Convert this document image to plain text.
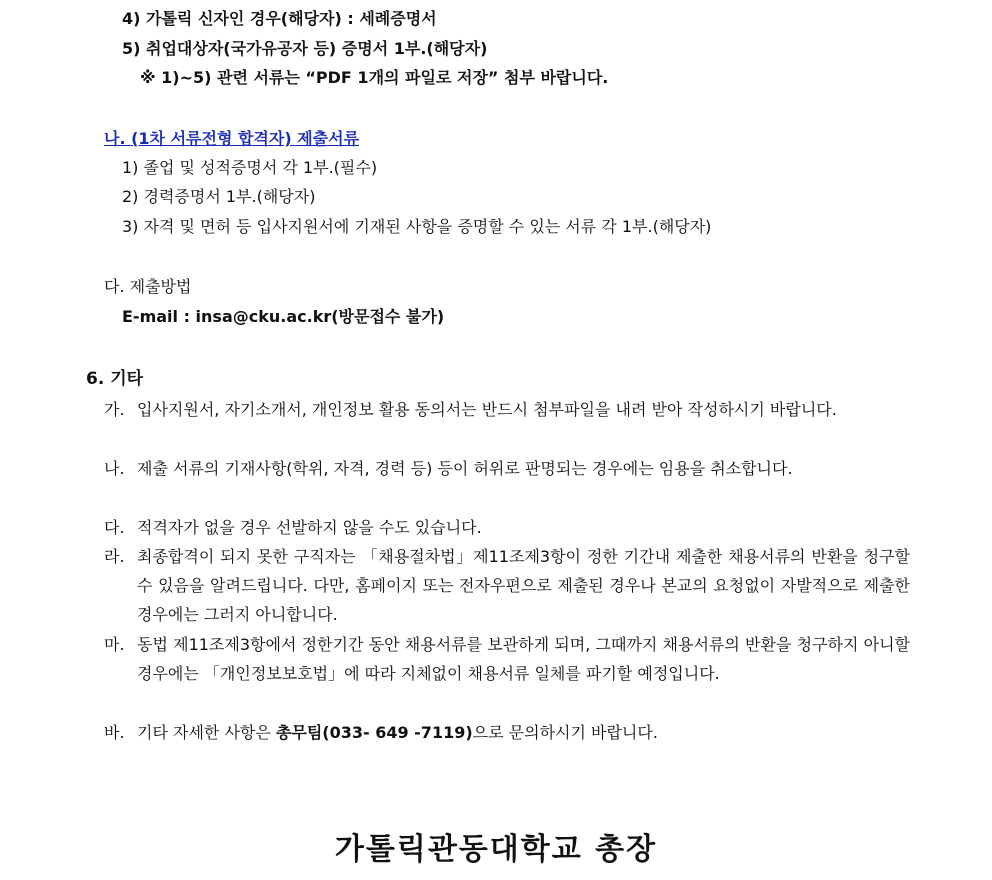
4) 가톨릭 신자인 경우(해당자) : 세례증명서
5) 취업대상자(국가유공자 등) 증명서 1부.(해당자)
※ 1)~5) 관련 서류는 “PDF 1개의 파일로 저장” 첨부 바랍니다.
나. (1차 서류전형 합격자) 제출서류
1) 졸업 및 성적증명서 각 1부.(필수)
2) 경력증명서 1부.(해당자)
3) 자격 및 면허 등 입사지원서에 기재된 사항을 증명할 수 있는 서류 각 1부.(해당자)
다. 제출방법
E-mail : insa@cku.ac.kr(방문접수 불가)
6. 기타
가. 입사지원서, 자기소개서, 개인정보 활용 동의서는 반드시 첨부파일을 내려 받아 작성하시기 바랍니다.
나. 제출 서류의 기재사항(학위, 자격, 경력 등) 등이 허위로 판명되는 경우에는 임용을 취소합니다.
다. 적격자가 없을 경우 선발하지 않을 수도 있습니다.
라. 최종합격이 되지 못한 구직자는 「채용절차법」제11조제3항이 정한 기간내 제출한 채용서류의 반환을 청구할 수 있음을 알려드립니다. 다만, 홈페이지 또는 전자우편으로 제출된 경우나 본교의 요청없이 자발적으로 제출한 경우에는 그러지 아니합니다.
마. 동법 제11조제3항에서 정한기간 동안 채용서류를 보관하게 되며, 그때까지 채용서류의 반환을 청구하지 아니할 경우에는 「개인정보보호법」에 따라 지체없이 채용서류 일체를 파기할 예정입니다.
바. 기타 자세한 사항은 총무팀(033- 649 -7119)으로 문의하시기 바랍니다.
가톨릭관동대학교 총장
